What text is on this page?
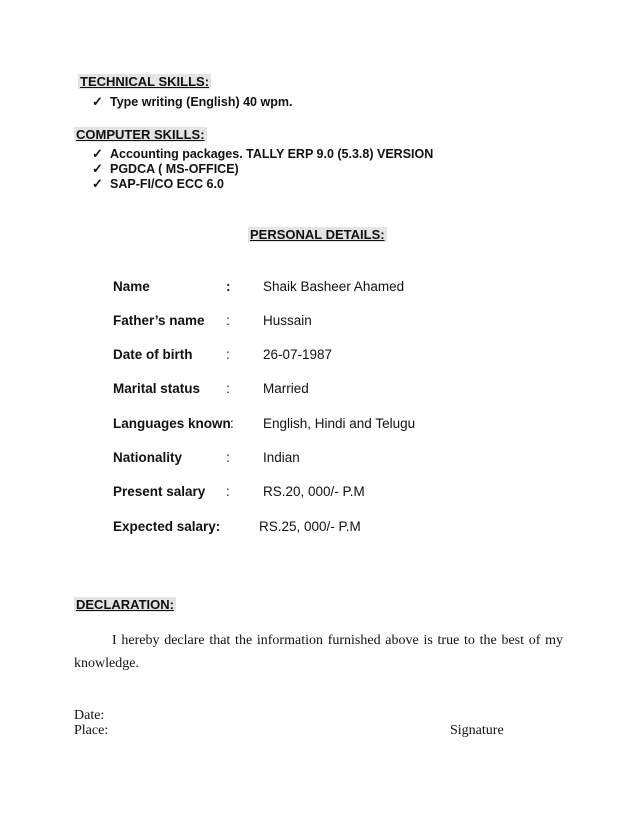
TECHNICAL SKILLS:
✓ Type writing (English) 40 wpm.
COMPUTER SKILLS:
✓ Accounting packages. TALLY ERP 9.0 (5.3.8) VERSION
✓ PGDCA ( MS-OFFICE)
✓ SAP-FI/CO ECC 6.0
PERSONAL DETAILS:
Name	: Shaik Basheer Ahamed
Father’s name : Hussain
Date of birth : 26-07-1987
Marital status : Married
Languages known : English, Hindi and Telugu
Nationality	: Indian
Present salary : RS.20, 000/- P.M
Expected salary:	RS.25, 000/- P.M
DECLARATION:
I hereby declare that the information furnished above is true to the best of my
knowledge.
Date:
Place:	Signature
